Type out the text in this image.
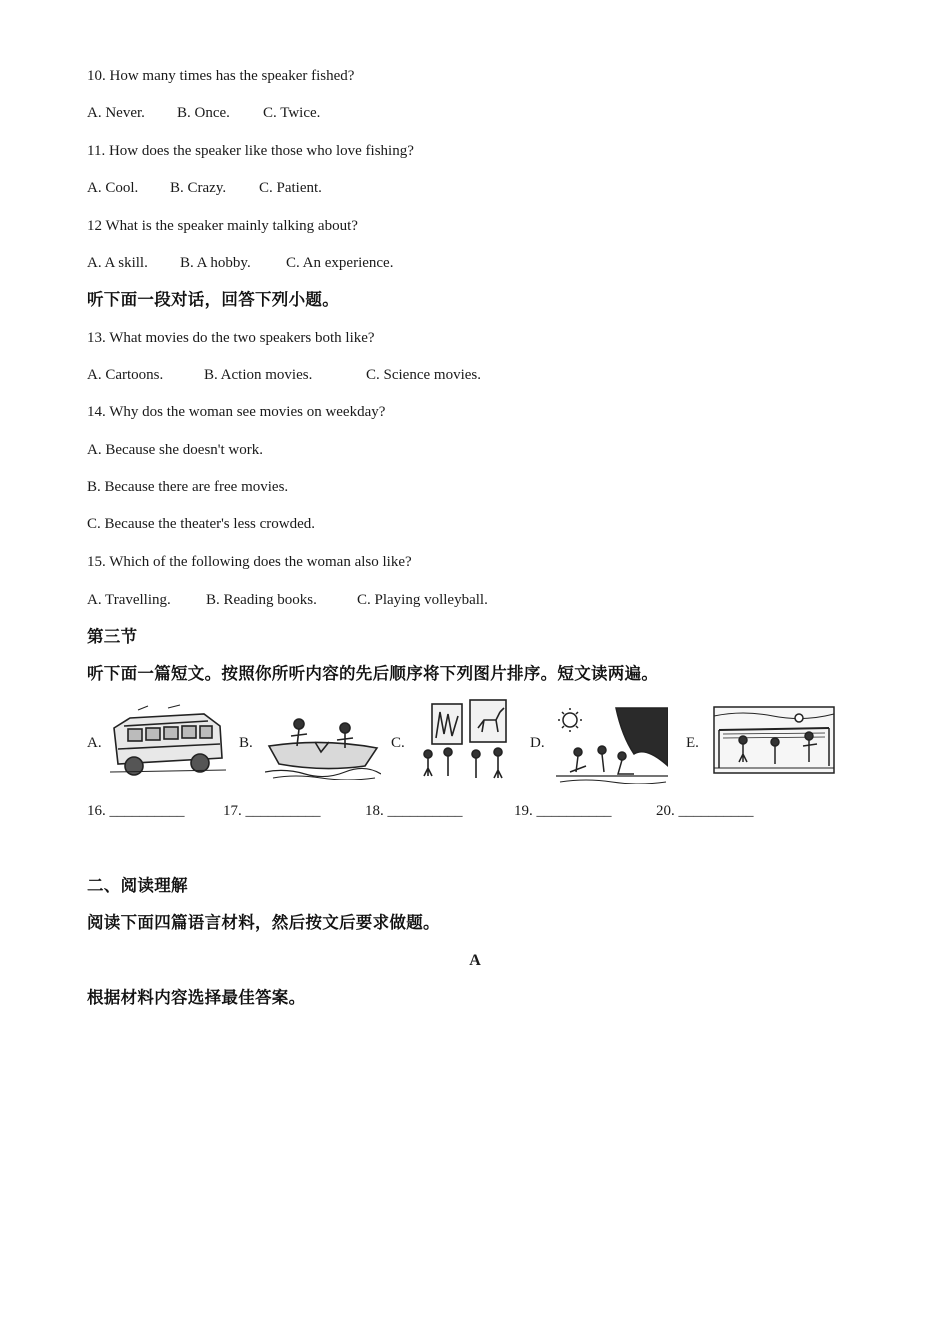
10. How many times has the speaker fished?
A. Never. B. Once. C. Twice.
11. How does the speaker like those who love fishing?
A. Cool. B. Crazy. C. Patient.
12 What is the speaker mainly talking about?
A. A skill. B. A hobby. C. An experience.
听下面一段对话，回答下列小题。
13. What movies do the two speakers both like?
A. Cartoons.	B. Action movies.	C. Science movies.
14. Why dos the woman see movies on weekday?
A. Because she doesn't work.
B. Because there are free movies.
C. Because the theater's less crowded.
15. Which of the following does the woman also like?
A. Travelling. B. Reading books.	C. Playing volleyball.
第三节
听下面一篇短文。按照你所听内容的先后顺序将下列图片排序。短文读两遍。
A.	B.	C.	D.	E.
16. __________	17. __________	18. __________	19. __________	20. __________
二、阅读理解
阅读下面四篇语言材料，然后按文后要求做题。
A
根据材料内容选择最佳答案。
